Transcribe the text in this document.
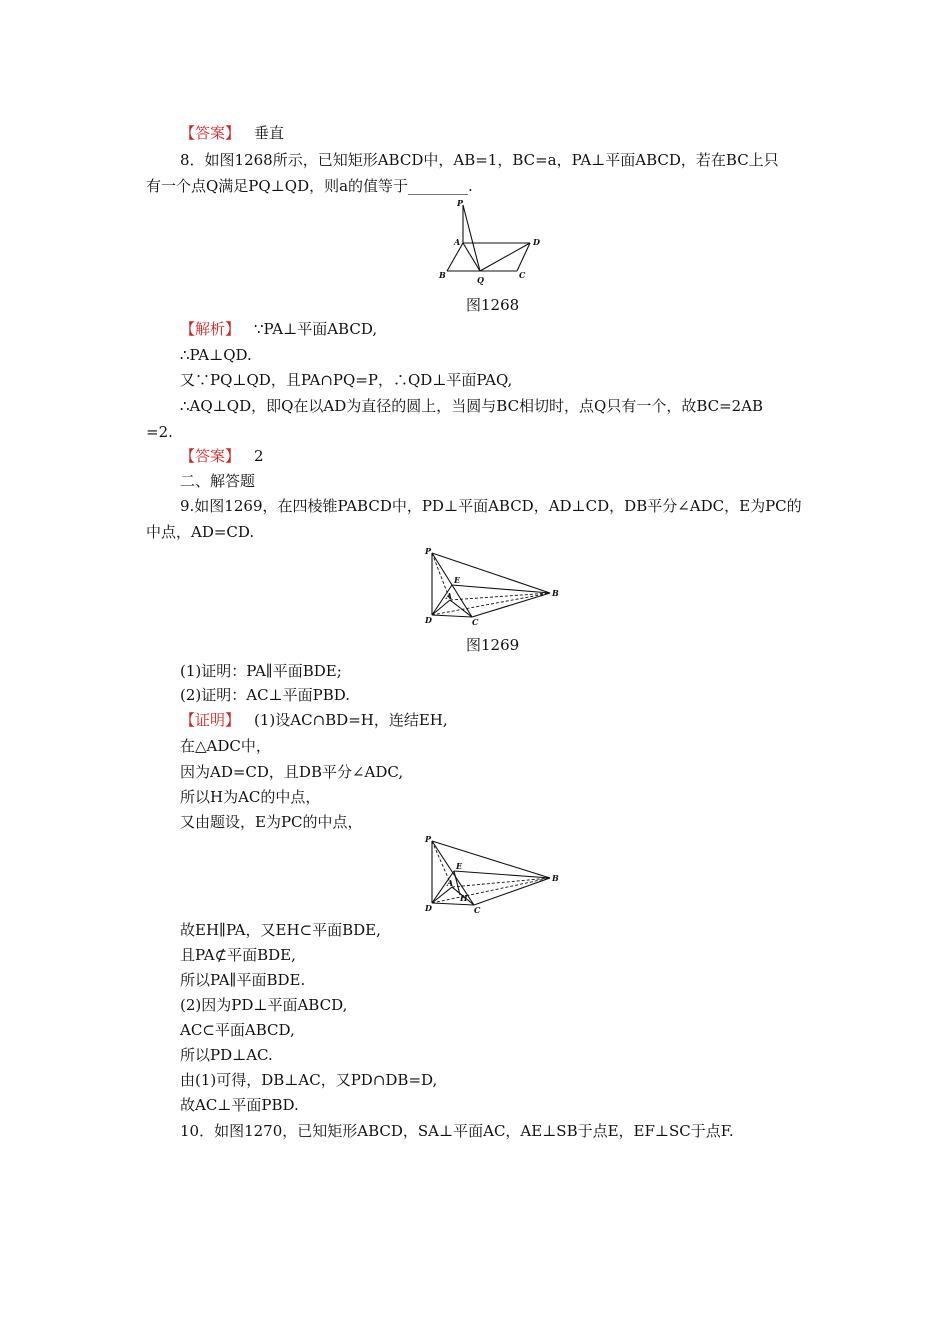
【答案】 垂直
8．如图1268所示，已知矩形ABCD中，AB=1，BC=a，PA⊥平面ABCD，若在BC上只
有一个点Q满足PQ⊥QD，则a的值等于________.
P
A	D
B	Q	C
图1268
【解析】 ∵PA⊥平面ABCD,
∴PA⊥QD.
又∵PQ⊥QD，且PA∩PQ=P，∴QD⊥平面PAQ,
∴AQ⊥QD，即Q在以AD为直径的圆上，当圆与BC相切时，点Q只有一个，故BC=2AB
=2.
【答案】 2
二、解答题
9.如图1269，在四棱锥PABCD中，PD⊥平面ABCD，AD⊥CD，DB平分∠ADC，E为PC的
中点，AD=CD.
P
E
A	B
D	C
图1269
(1)证明：PA∥平面BDE;
(2)证明：AC⊥平面PBD.
【证明】 (1)设AC∩BD=H，连结EH,
在△ADC中，
因为AD=CD，且DB平分∠ADC,
所以H为AC的中点，
又由题设，E为PC的中点，
P
E
A	B
H
D	C
故EH∥PA，又EH⊂平面BDE,
且PA⊄平面BDE,
所以PA∥平面BDE.
(2)因为PD⊥平面ABCD,
AC⊂平面ABCD,
所以PD⊥AC.
由(1)可得，DB⊥AC，又PD∩DB=D,
故AC⊥平面PBD.
10．如图1270，已知矩形ABCD，SA⊥平面AC，AE⊥SB于点E，EF⊥SC于点F.
